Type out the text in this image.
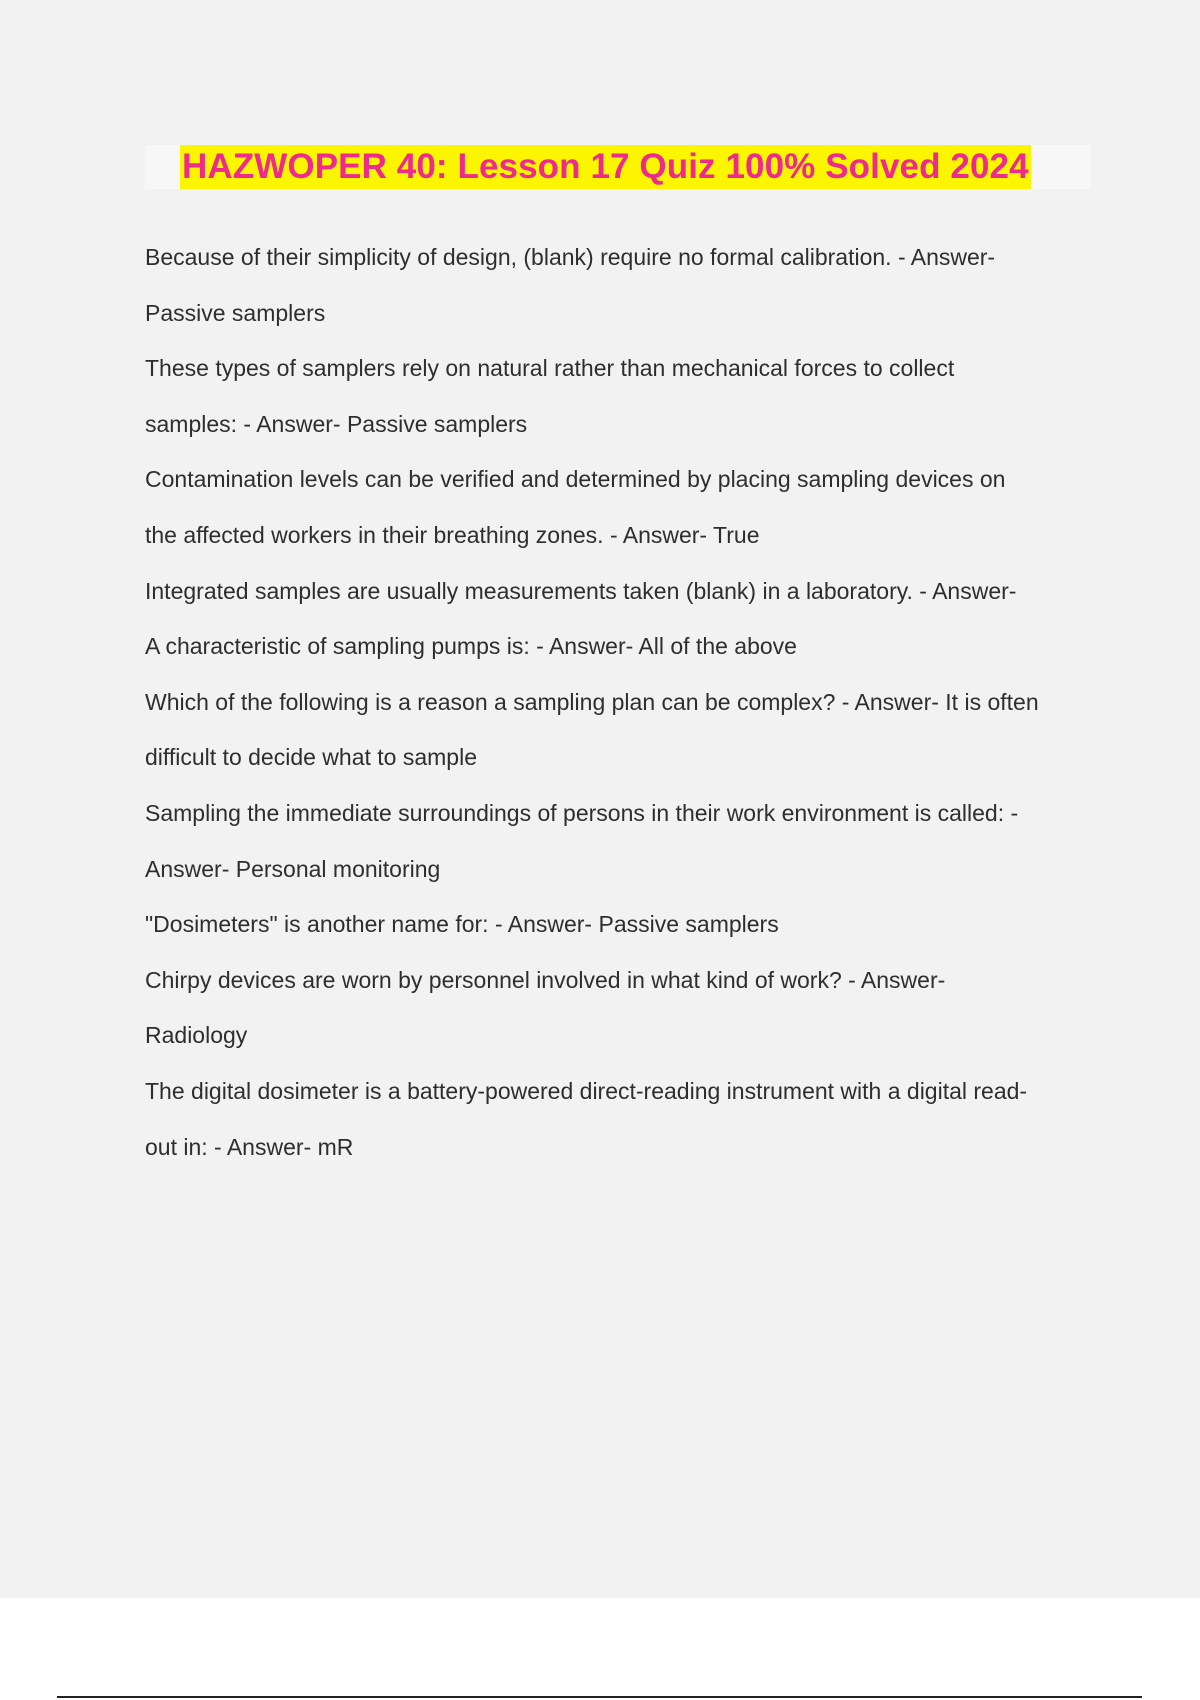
HAZWOPER 40: Lesson 17 Quiz 100% Solved 2024
Because of their simplicity of design, (blank) require no formal calibration. - Answer-
Passive samplers
These types of samplers rely on natural rather than mechanical forces to collect
samples: - Answer- Passive samplers
Contamination levels can be verified and determined by placing sampling devices on
the affected workers in their breathing zones. - Answer- True
Integrated samples are usually measurements taken (blank) in a laboratory. - Answer-
A characteristic of sampling pumps is: - Answer- All of the above
Which of the following is a reason a sampling plan can be complex? - Answer- It is often
difficult to decide what to sample
Sampling the immediate surroundings of persons in their work environment is called: -
Answer- Personal monitoring
"Dosimeters" is another name for: - Answer- Passive samplers
Chirpy devices are worn by personnel involved in what kind of work? - Answer-
Radiology
The digital dosimeter is a battery-powered direct-reading instrument with a digital read-
out in: - Answer- mR
